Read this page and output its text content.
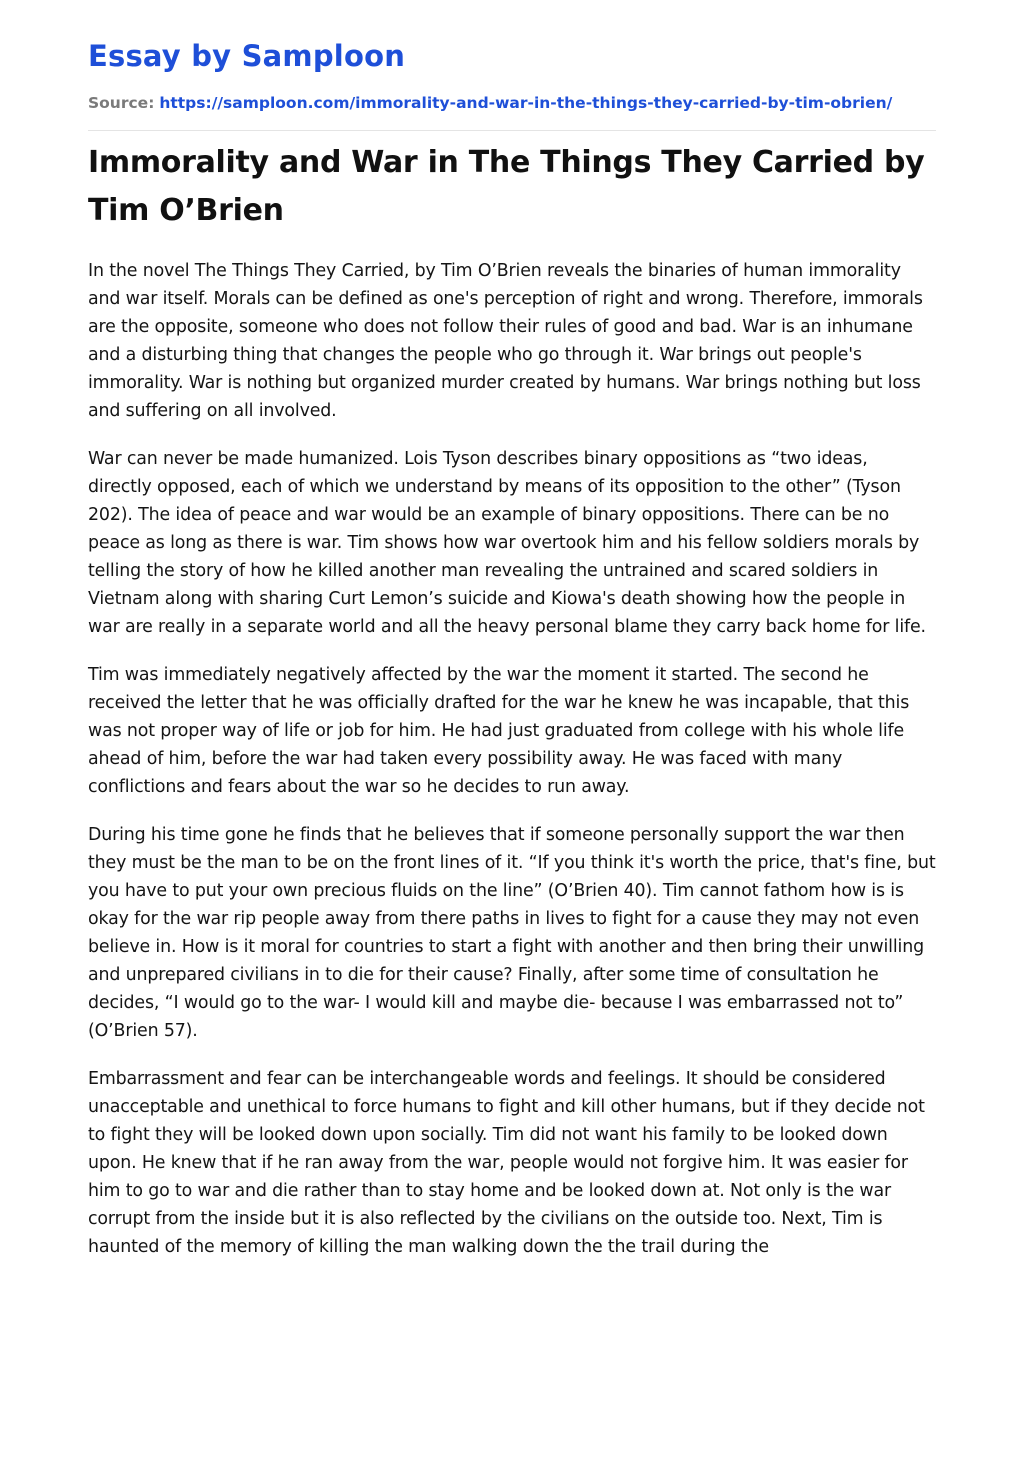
Essay by Samploon
Source: https://samploon.com/immorality-and-war-in-the-things-they-carried-by-tim-obrien/
Immorality and War in The Things They Carried by Tim O’Brien

In the novel The Things They Carried, by Tim O’Brien reveals the binaries of human immorality and war itself. Morals can be defined as one's perception of right and wrong. Therefore, immorals are the opposite, someone who does not follow their rules of good and bad. War is an inhumane and a disturbing thing that changes the people who go through it. War brings out people's immorality. War is nothing but organized murder created by humans. War brings nothing but loss and suffering on all involved.

War can never be made humanized. Lois Tyson describes binary oppositions as “two ideas, directly opposed, each of which we understand by means of its opposition to the other” (Tyson 202). The idea of peace and war would be an example of binary oppositions. There can be no peace as long as there is war. Tim shows how war overtook him and his fellow soldiers morals by telling the story of how he killed another man revealing the untrained and scared soldiers in Vietnam along with sharing Curt Lemon’s suicide and Kiowa's death showing how the people in war are really in a separate world and all the heavy personal blame they carry back home for life.

Tim was immediately negatively affected by the war the moment it started. The second he received the letter that he was officially drafted for the war he knew he was incapable, that this was not proper way of life or job for him. He had just graduated from college with his whole life ahead of him, before the war had taken every possibility away. He was faced with many conflictions and fears about the war so he decides to run away.

During his time gone he finds that he believes that if someone personally support the war then they must be the man to be on the front lines of it. “If you think it's worth the price, that's fine, but you have to put your own precious fluids on the line” (O’Brien 40). Tim cannot fathom how is is okay for the war rip people away from there paths in lives to fight for a cause they may not even believe in. How is it moral for countries to start a fight with another and then bring their unwilling and unprepared civilians in to die for their cause? Finally, after some time of consultation he decides, “I would go to the war- I would kill and maybe die- because I was embarrassed not to” (O’Brien 57).

Embarrassment and fear can be interchangeable words and feelings. It should be considered unacceptable and unethical to force humans to fight and kill other humans, but if they decide not to fight they will be looked down upon socially. Tim did not want his family to be looked down upon. He knew that if he ran away from the war, people would not forgive him. It was easier for him to go to war and die rather than to stay home and be looked down at. Not only is the war corrupt from the inside but it is also reflected by the civilians on the outside too. Next, Tim is haunted of the memory of killing the man walking down the the trail during the
